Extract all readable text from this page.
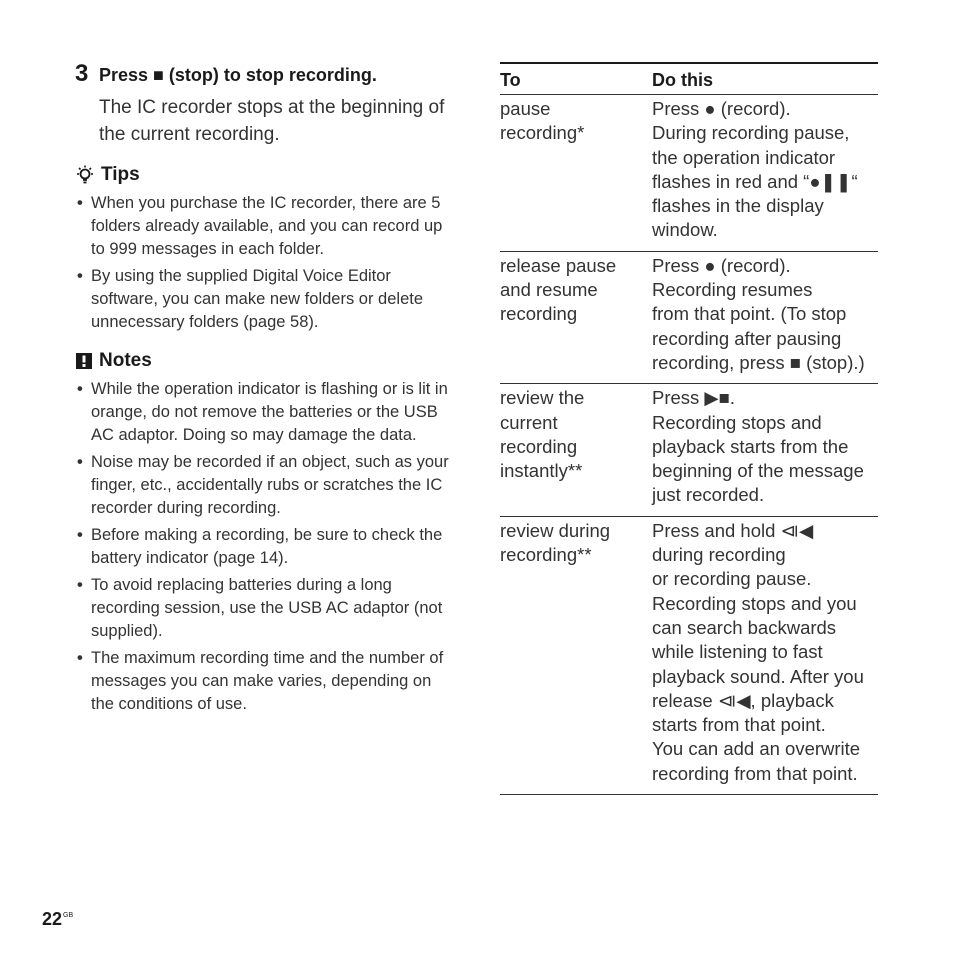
3 Press ■ (stop) to stop recording.
The IC recorder stops at the beginning of the current recording.
Tips
• When you purchase the IC recorder, there are 5 folders already available, and you can record up to 999 messages in each folder.
• By using the supplied Digital Voice Editor software, you can make new folders or delete unnecessary folders (page 58).
Notes
• While the operation indicator is flashing or is lit in orange, do not remove the batteries or the USB AC adaptor. Doing so may damage the data.
• Noise may be recorded if an object, such as your finger, etc., accidentally rubs or scratches the IC recorder during recording.
• Before making a recording, be sure to check the battery indicator (page 14).
• To avoid replacing batteries during a long recording session, use the USB AC adaptor (not supplied).
• The maximum recording time and the number of messages you can make varies, depending on the conditions of use.
To	Do this
pause
recording*
Press ● (record).
During recording pause,
the operation indicator
flashes in red and “●❚❚“
flashes in the display
window.
release pause
and resume
recording
Press ● (record).
Recording resumes
from that point. (To stop
recording after pausing
recording, press ■ (stop).)
review the
current
recording
instantly**
Press ▶■.
Recording stops and
playback starts from the
beginning of the message
just recorded.
review during
recording**
Press and hold ⧏◀
during recording
or recording pause.
Recording stops and you
can search backwards
while listening to fast
playback sound. After you
release ⧏◀, playback
starts from that point.
You can add an overwrite
recording from that point.
$22^{GB}$
